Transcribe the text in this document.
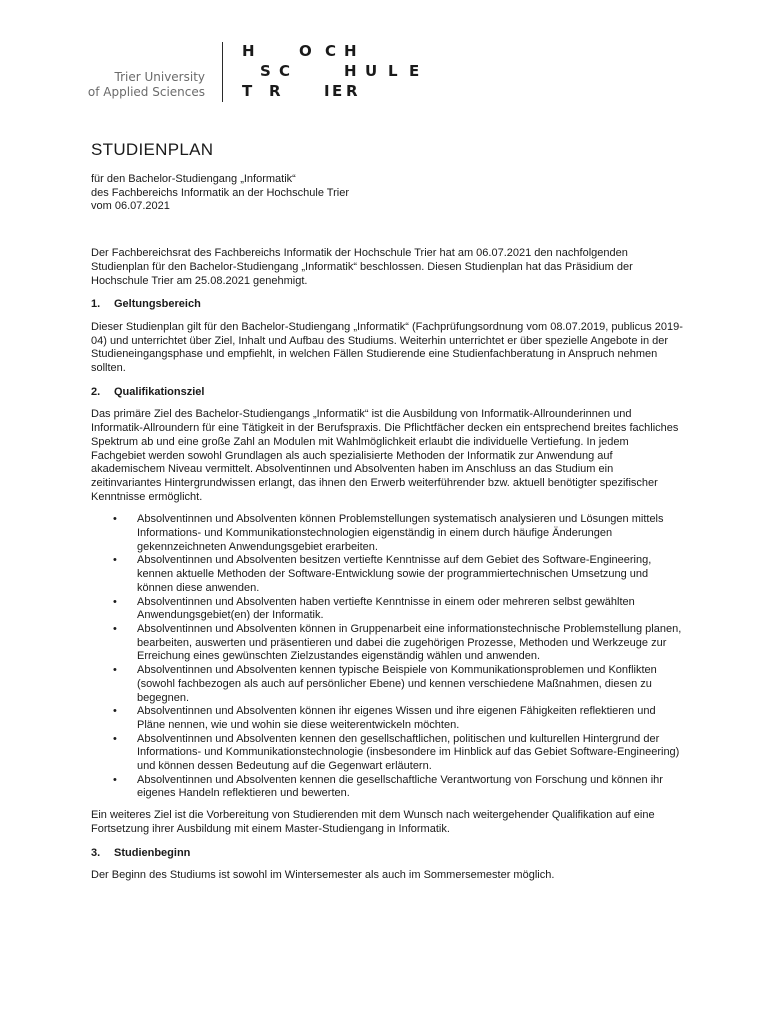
Trier University
of Applied Sciences
H	O C H
S C	H U L E
T R	I E R
STUDIENPLAN
für den Bachelor-Studiengang „Informatik“
des Fachbereichs Informatik an der Hochschule Trier
vom 06.07.2021

Der Fachbereichsrat des Fachbereichs Informatik der Hochschule Trier hat am 06.07.2021 den nachfolgenden Studienplan für den Bachelor-Studiengang „Informatik“ beschlossen. Diesen Studienplan hat das Präsidium der Hochschule Trier am 25.08.2021 genehmigt.

1.	Geltungsbereich

Dieser Studienplan gilt für den Bachelor-Studiengang „Informatik“ (Fachprüfungsordnung vom 08.07.2019, publicus 2019-04) und unterrichtet über Ziel, Inhalt und Aufbau des Studiums. Weiterhin unterrichtet er über spezielle Angebote in der Studieneingangsphase und empfiehlt, in welchen Fällen Studierende eine Studienfachberatung in Anspruch nehmen sollten.

2.	Qualifikationsziel

Das primäre Ziel des Bachelor-Studiengangs „Informatik“ ist die Ausbildung von Informatik-Allrounderinnen und Informatik-Allroundern für eine Tätigkeit in der Berufspraxis. Die Pflichtfächer decken ein entsprechend breites fachliches Spektrum ab und eine große Zahl an Modulen mit Wahlmöglichkeit erlaubt die individuelle Vertiefung. In jedem Fachgebiet werden sowohl Grundlagen als auch spezialisierte Methoden der Informatik zur Anwendung auf akademischem Niveau vermittelt. Absolventinnen und Absolventen haben im Anschluss an das Studium ein zeitinvariantes Hintergrundwissen erlangt, das ihnen den Erwerb weiterführender bzw. aktuell benötigter spezifischer Kenntnisse ermöglicht.

• Absolventinnen und Absolventen können Problemstellungen systematisch analysieren und Lösungen mittels Informations- und Kommunikationstechnologien eigenständig in einem durch häufige Änderungen gekennzeichneten Anwendungsgebiet erarbeiten.
• Absolventinnen und Absolventen besitzen vertiefte Kenntnisse auf dem Gebiet des Software-Engineering, kennen aktuelle Methoden der Software-Entwicklung sowie der programmiertechnischen Umsetzung und können diese anwenden.
• Absolventinnen und Absolventen haben vertiefte Kenntnisse in einem oder mehreren selbst gewählten Anwendungsgebiet(en) der Informatik.
• Absolventinnen und Absolventen können in Gruppenarbeit eine informationstechnische Problemstellung planen, bearbeiten, auswerten und präsentieren und dabei die zugehörigen Prozesse, Methoden und Werkzeuge zur Erreichung eines gewünschten Zielzustandes eigenständig wählen und anwenden.
• Absolventinnen und Absolventen kennen typische Beispiele von Kommunikationsproblemen und Konflikten (sowohl fachbezogen als auch auf persönlicher Ebene) und kennen verschiedene Maßnahmen, diesen zu begegnen.
• Absolventinnen und Absolventen können ihr eigenes Wissen und ihre eigenen Fähigkeiten reflektieren und Pläne nennen, wie und wohin sie diese weiterentwickeln möchten.
• Absolventinnen und Absolventen kennen den gesellschaftlichen, politischen und kulturellen Hintergrund der Informations- und Kommunikationstechnologie (insbesondere im Hinblick auf das Gebiet Software-Engineering) und können dessen Bedeutung auf die Gegenwart erläutern.
• Absolventinnen und Absolventen kennen die gesellschaftliche Verantwortung von Forschung und können ihr eigenes Handeln reflektieren und bewerten.

Ein weiteres Ziel ist die Vorbereitung von Studierenden mit dem Wunsch nach weitergehender Qualifikation auf eine Fortsetzung ihrer Ausbildung mit einem Master-Studiengang in Informatik.

3.	Studienbeginn

Der Beginn des Studiums ist sowohl im Wintersemester als auch im Sommersemester möglich.
